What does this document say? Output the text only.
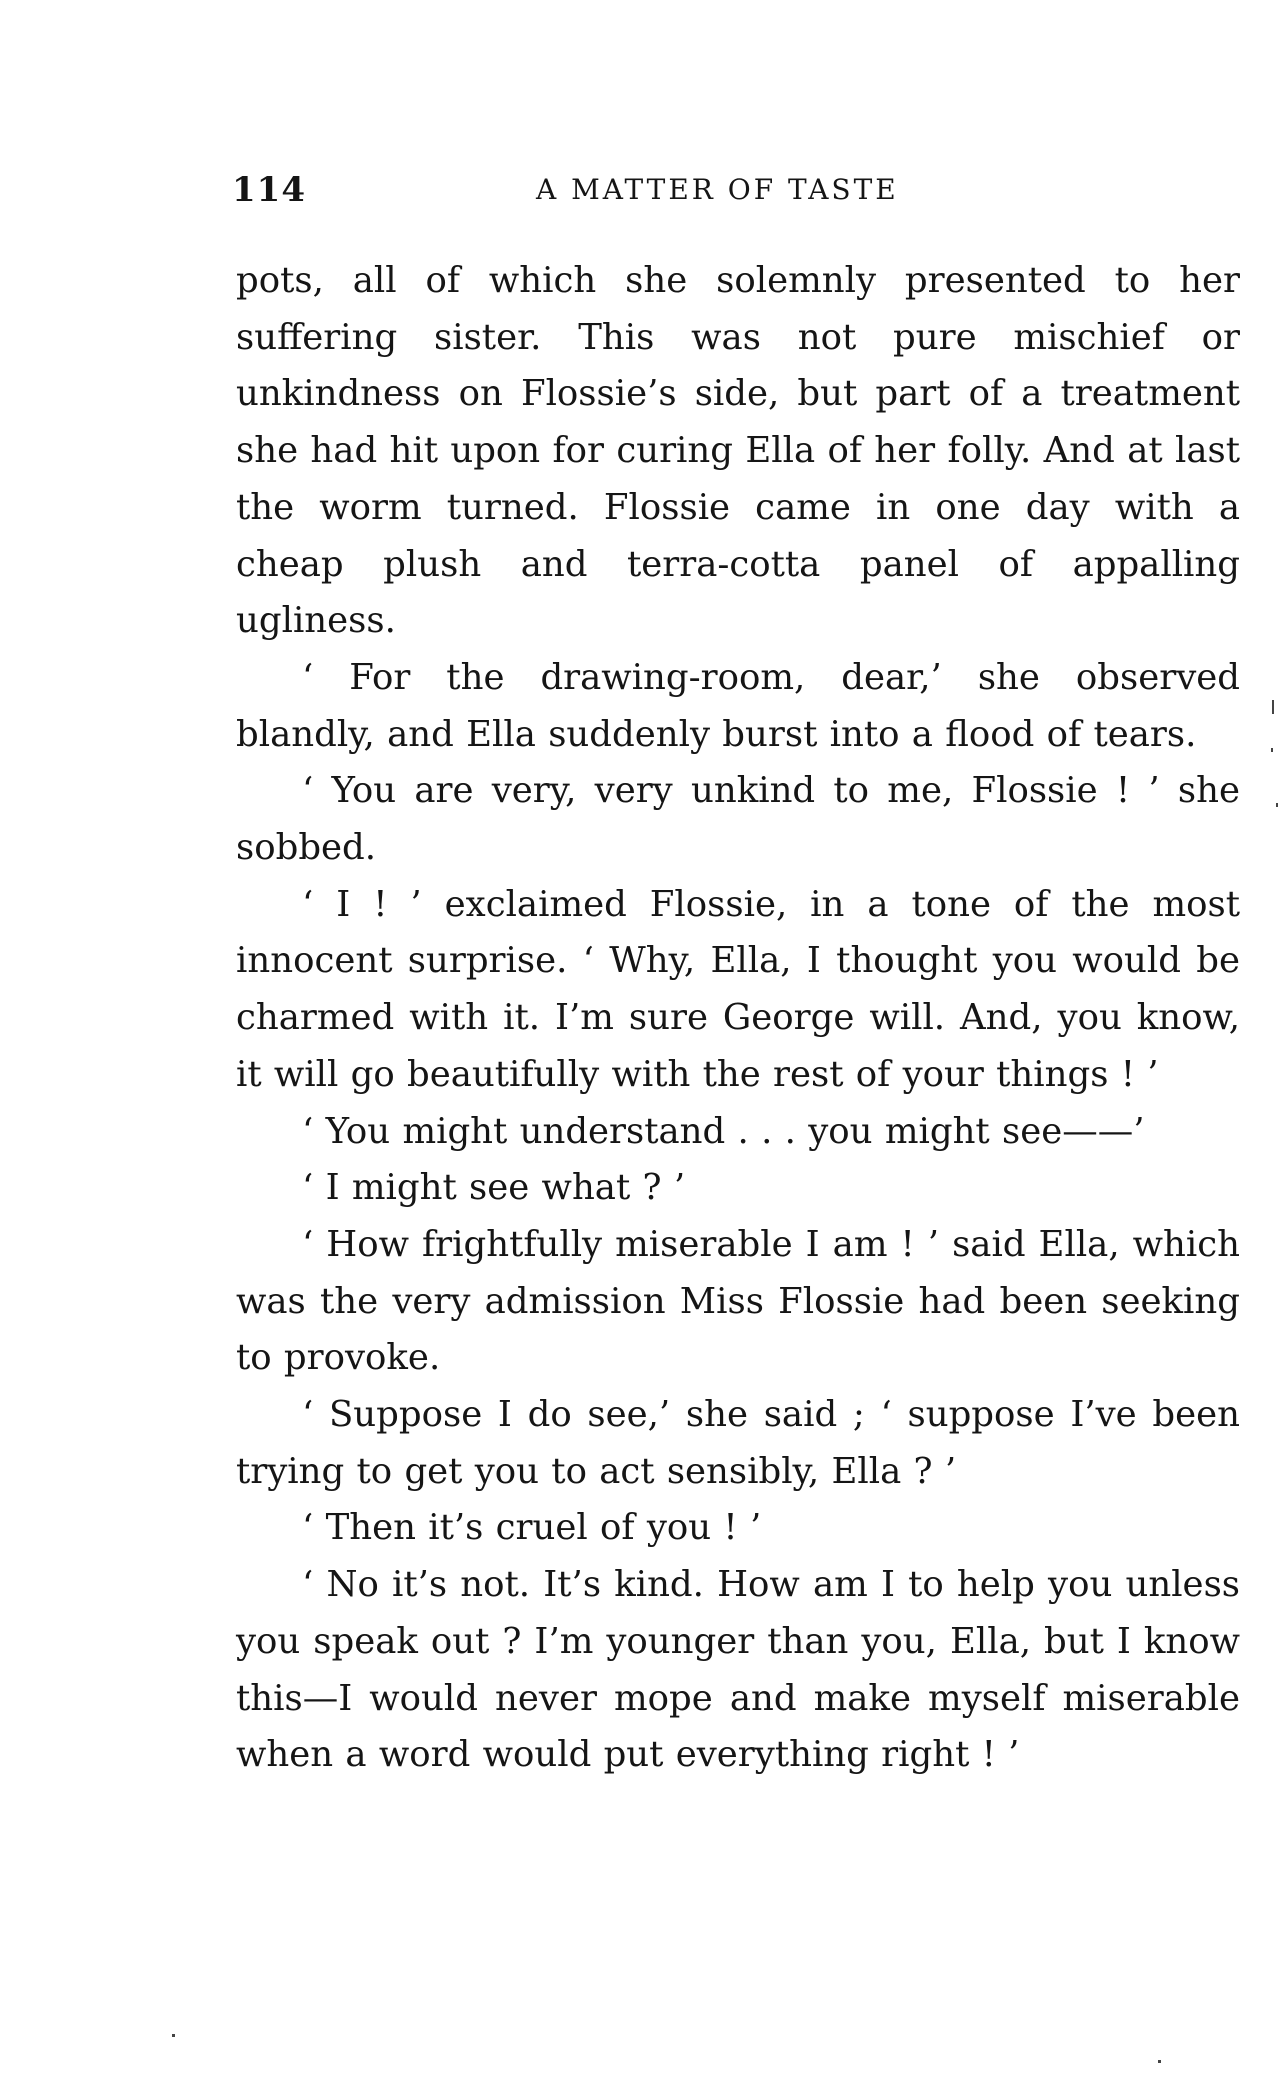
114	A MATTER OF TASTE

pots, all of which she solemnly presented to her suffering sister. This was not pure mischief or unkindness on Flossie’s side, but part of a treatment she had hit upon for curing Ella of her folly. And at last the worm turned. Flossie came in one day with a cheap plush and terra-cotta panel of appalling ugliness.

‘ For the drawing-room, dear,’ she observed blandly, and Ella suddenly burst into a flood of tears.

‘ You are very, very unkind to me, Flossie ! ’ she sobbed.

‘ I ! ’ exclaimed Flossie, in a tone of the most innocent surprise. ‘ Why, Ella, I thought you would be charmed with it. I’m sure George will. And, you know, it will go beautifully with the rest of your things ! ’

‘ You might understand . . . you might see——’

‘ I might see what ? ’

‘ How frightfully miserable I am ! ’ said Ella, which was the very admission Miss Flossie had been seeking to provoke.

‘ Suppose I do see,’ she said ; ‘ suppose I’ve been trying to get you to act sensibly, Ella ? ’

‘ Then it’s cruel of you ! ’

‘ No it’s not. It’s kind. How am I to help you unless you speak out ? I’m younger than you, Ella, but I know this—I would never mope and make myself miserable when a word would put everything right ! ’
